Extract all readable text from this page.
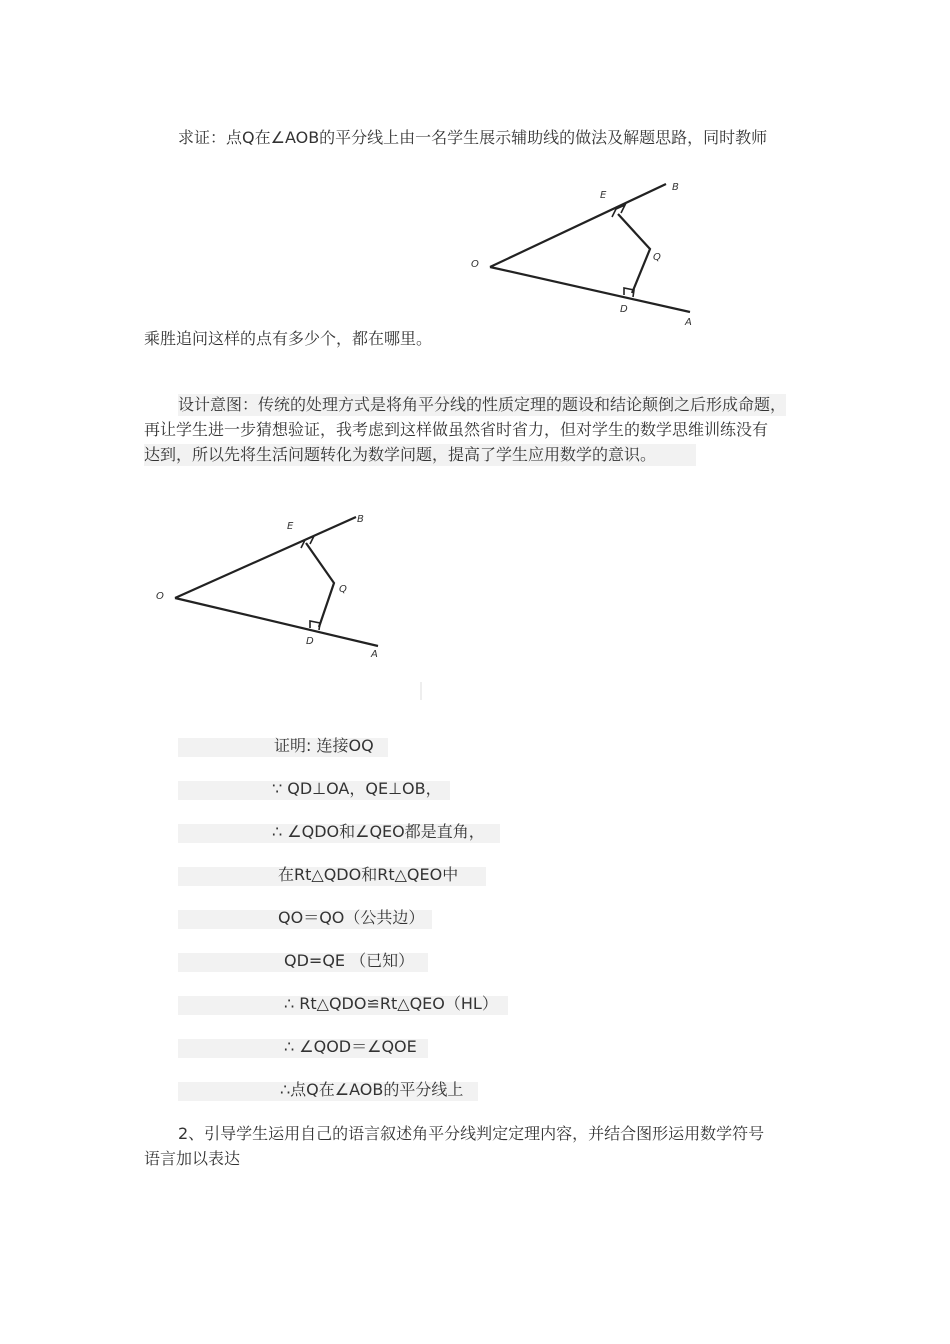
求证：点Q在∠AOB的平分线上由一名学生展示辅助线的做法及解题思路，同时教师
O
B
E
Q
D
A
乘胜追问这样的点有多少个，都在哪里。
设计意图：传统的处理方式是将角平分线的性质定理的题设和结论颠倒之后形成命题，
再让学生进一步猜想验证，我考虑到这样做虽然省时省力，但对学生的数学思维训练没有
达到，所以先将生活问题转化为数学问题，提高了学生应用数学的意识。
O
B
E
Q
D
A
证明: 连接OQ
∵ QD⊥OA，QE⊥OB，
∴ ∠QDO和∠QEO都是直角，
在Rt△QDO和Rt△QEO中
QO＝QO（公共边）
QD=QE （已知）
∴ Rt△QDO≌Rt△QEO（HL）
∴ ∠QOD＝∠QOE
∴点Q在∠AOB的平分线上
2、引导学生运用自己的语言叙述角平分线判定定理内容，并结合图形运用数学符号
语言加以表达
